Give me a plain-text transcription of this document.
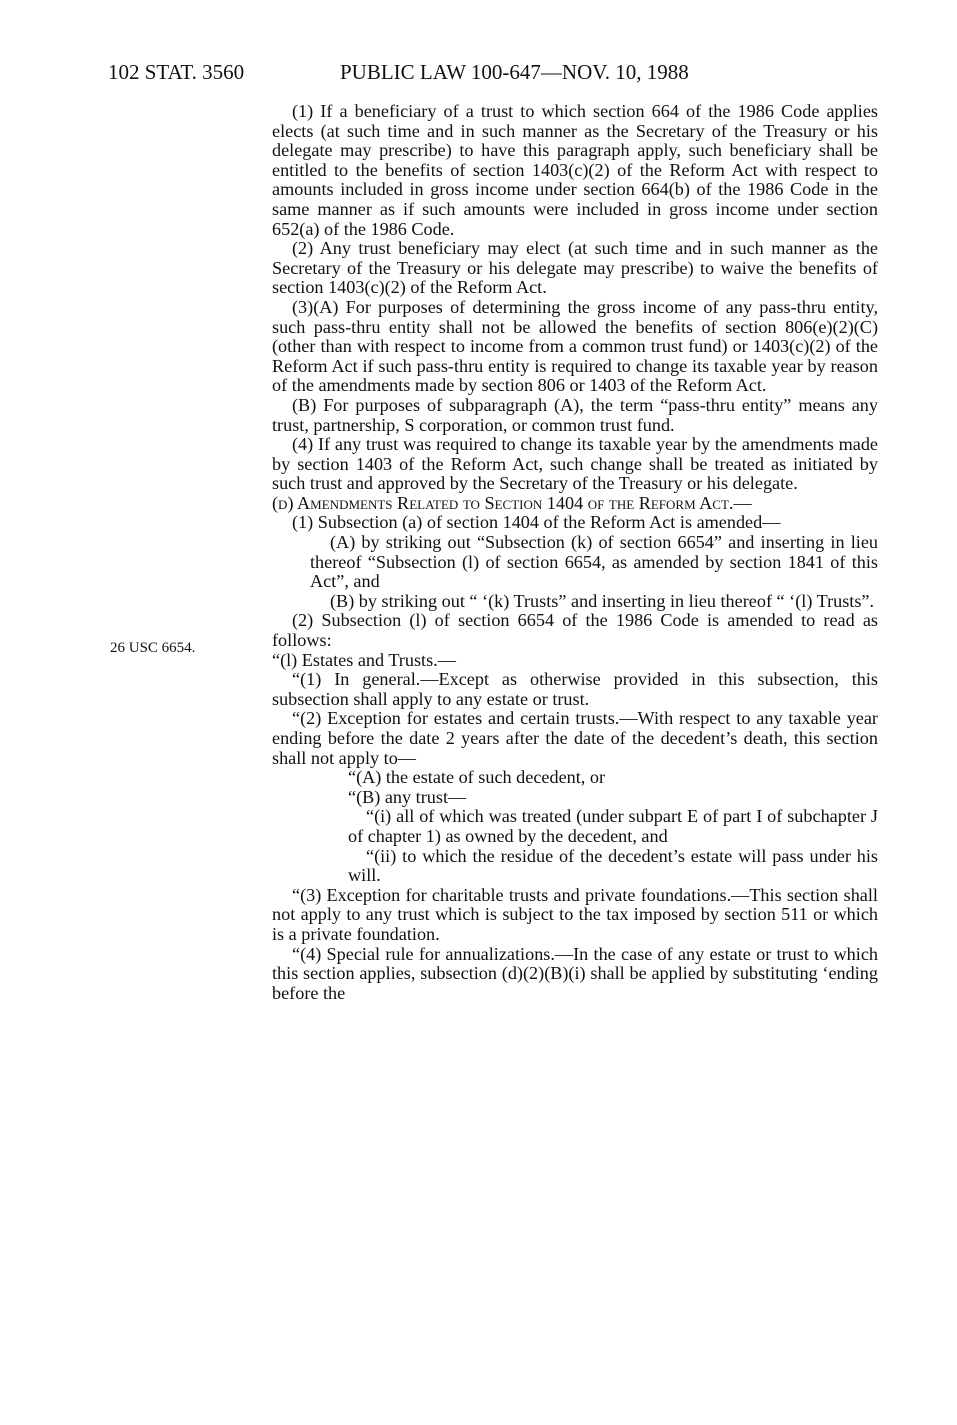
102 STAT. 3560	PUBLIC LAW 100-647—NOV. 10, 1988
26 USC 6654.

(1) If a beneficiary of a trust to which section 664 of the 1986 Code applies elects (at such time and in such manner as the Secretary of the Treasury or his delegate may prescribe) to have this paragraph apply, such beneficiary shall be entitled to the benefits of section 1403(c)(2) of the Reform Act with respect to amounts included in gross income under section 664(b) of the 1986 Code in the same manner as if such amounts were included in gross income under section 652(a) of the 1986 Code.

(2) Any trust beneficiary may elect (at such time and in such manner as the Secretary of the Treasury or his delegate may prescribe) to waive the benefits of section 1403(c)(2) of the Reform Act.

(3)(A) For purposes of determining the gross income of any pass-thru entity, such pass-thru entity shall not be allowed the benefits of section 806(e)(2)(C) (other than with respect to income from a common trust fund) or 1403(c)(2) of the Reform Act if such pass-thru entity is required to change its taxable year by reason of the amendments made by section 806 or 1403 of the Reform Act.

(B) For purposes of subparagraph (A), the term “pass-thru entity” means any trust, partnership, S corporation, or common trust fund.

(4) If any trust was required to change its taxable year by the amendments made by section 1403 of the Reform Act, such change shall be treated as initiated by such trust and approved by the Secretary of the Treasury or his delegate.

(d) Amendments Related to Section 1404 of the Reform Act.—

(1) Subsection (a) of section 1404 of the Reform Act is amended—

(A) by striking out “Subsection (k) of section 6654” and inserting in lieu thereof “Subsection (l) of section 6654, as amended by section 1841 of this Act”, and

(B) by striking out “ ‘(k) Trusts” and inserting in lieu thereof “ ‘(l) Trusts”.

(2) Subsection (l) of section 6654 of the 1986 Code is amended to read as follows:

“(l) Estates and Trusts.—

“(1) In general.—Except as otherwise provided in this subsection, this subsection shall apply to any estate or trust.

“(2) Exception for estates and certain trusts.—With respect to any taxable year ending before the date 2 years after the date of the decedent’s death, this section shall not apply to—

“(A) the estate of such decedent, or

“(B) any trust—

“(i) all of which was treated (under subpart E of part I of subchapter J of chapter 1) as owned by the decedent, and

“(ii) to which the residue of the decedent’s estate will pass under his will.

“(3) Exception for charitable trusts and private foundations.—This section shall not apply to any trust which is subject to the tax imposed by section 511 or which is a private foundation.

“(4) Special rule for annualizations.—In the case of any estate or trust to which this section applies, subsection (d)(2)(B)(i) shall be applied by substituting ‘ending before the
